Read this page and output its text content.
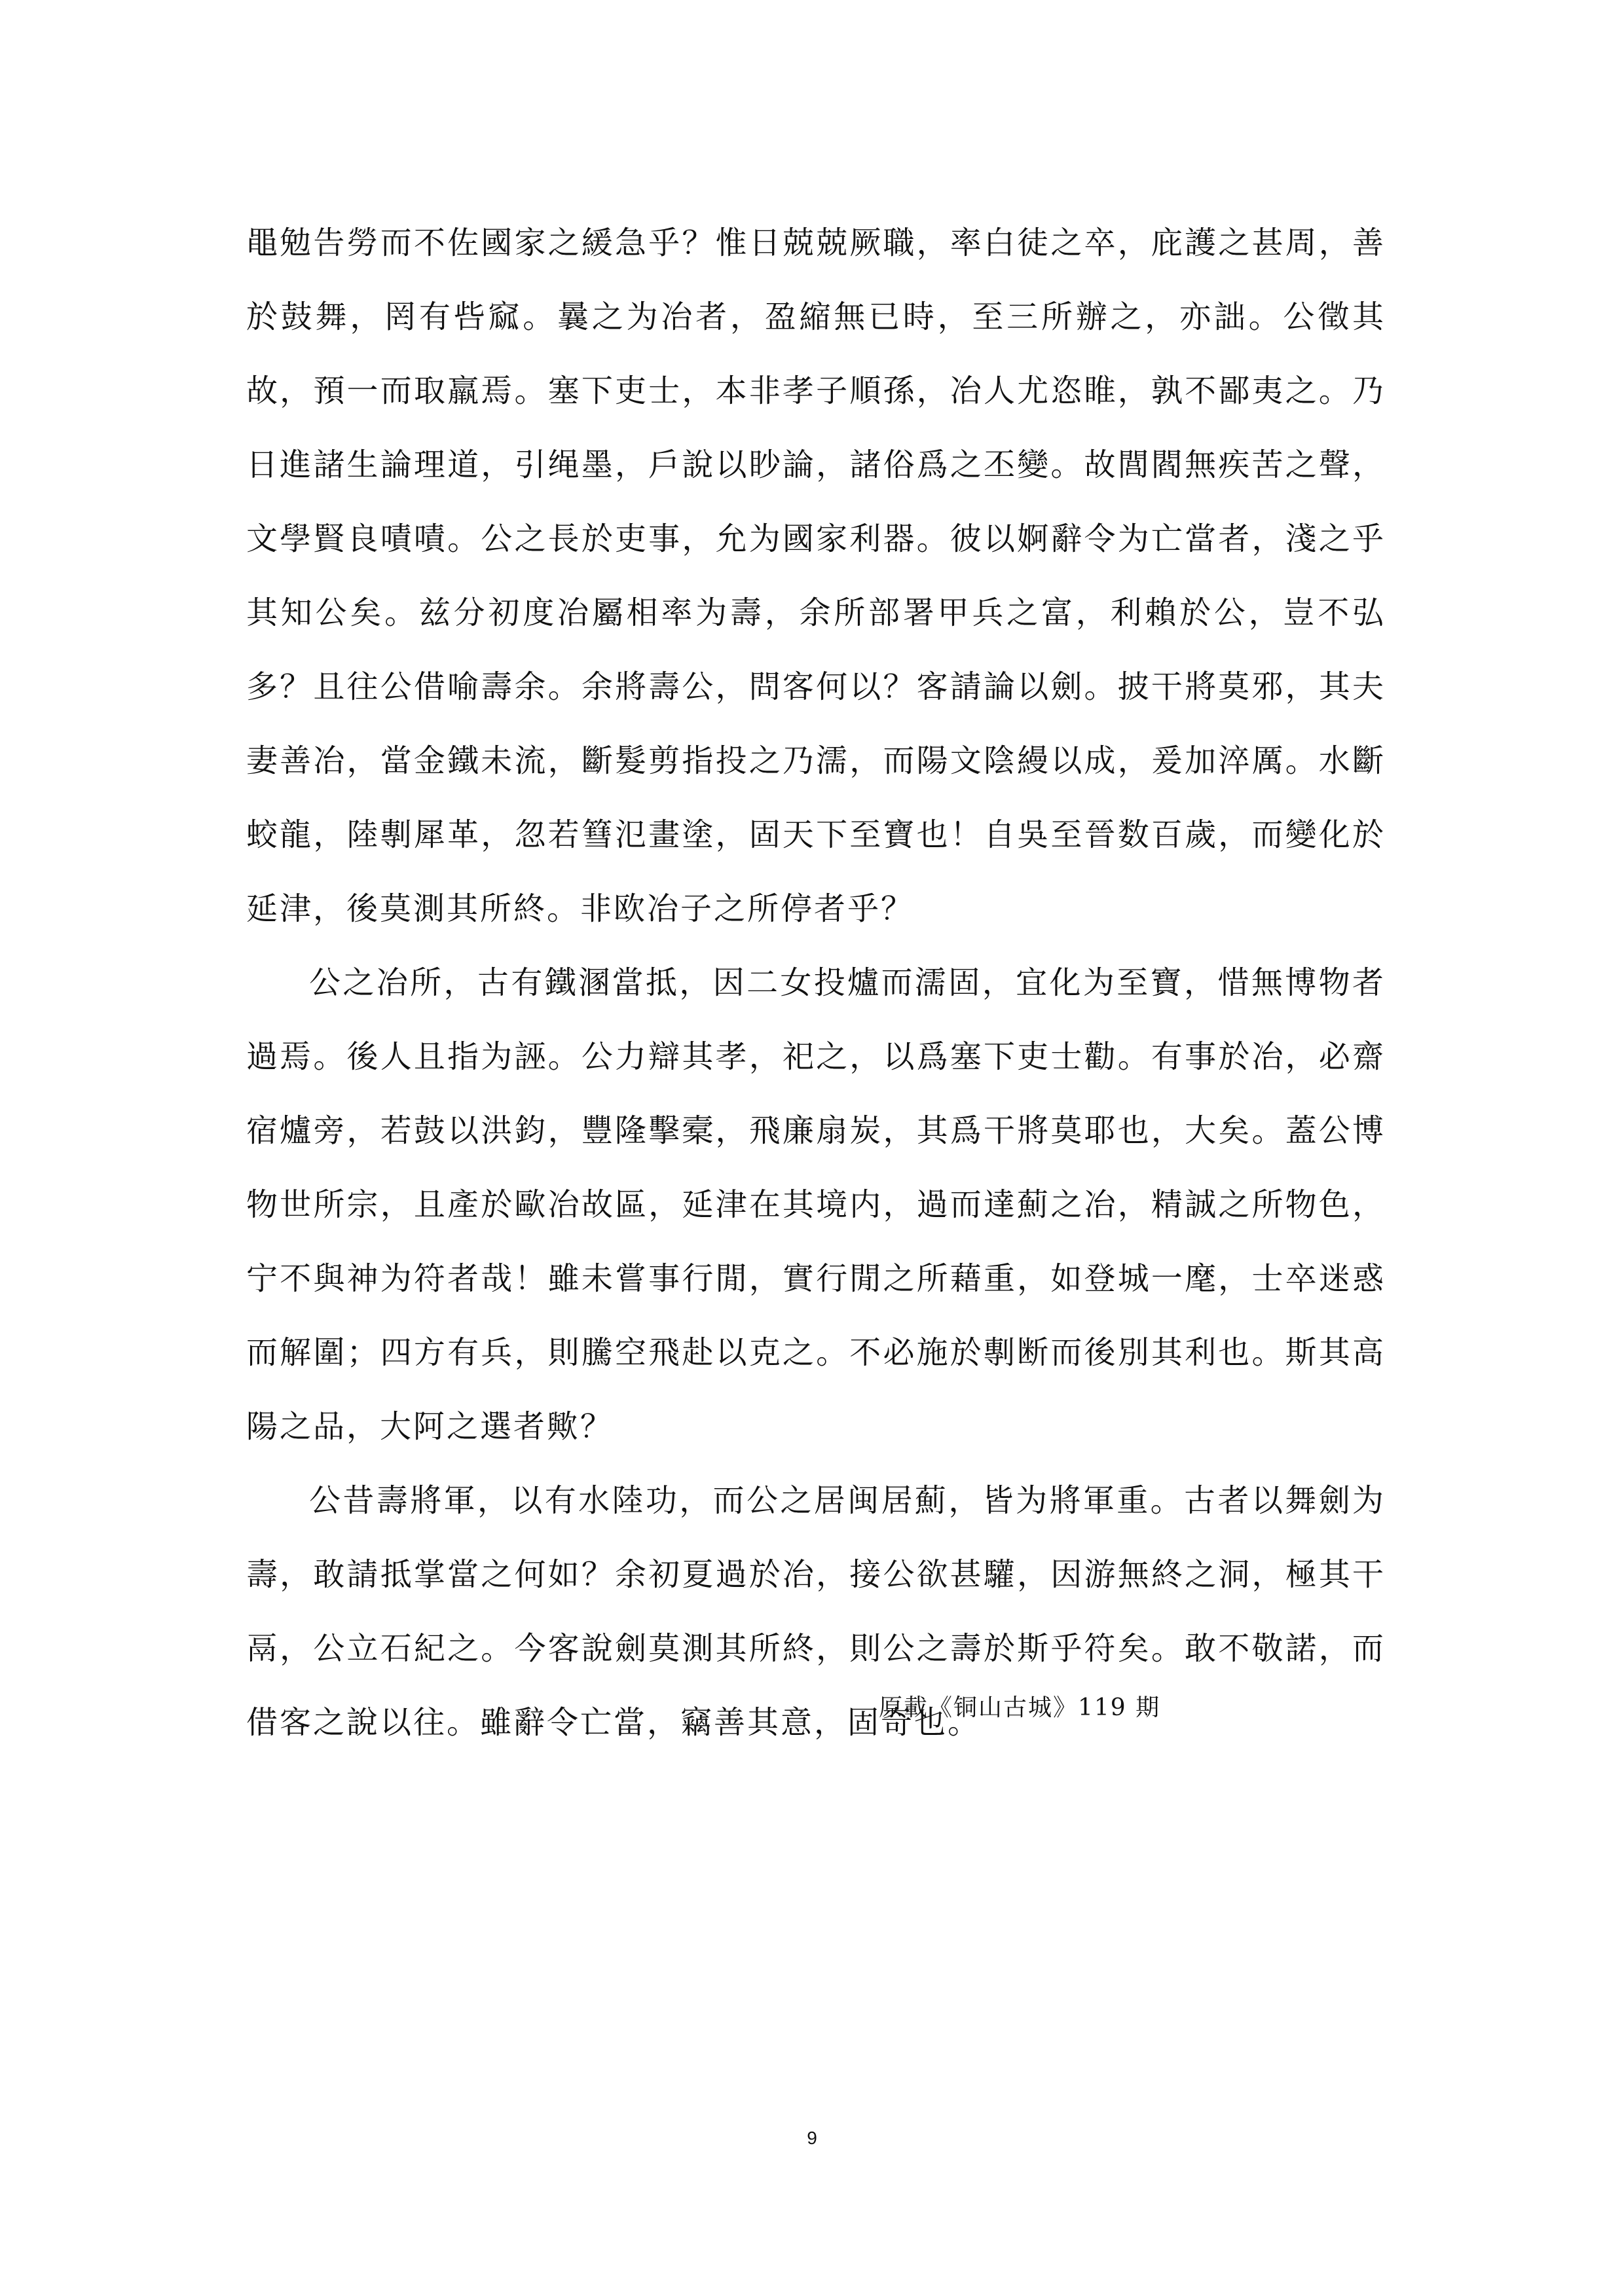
黽勉告勞而不佐國家之緩急乎？惟日兢兢厥職，率白徒之卒，庇護之甚周，善於鼓舞，罔有呰窳。曩之为冶者，盈縮無已時，至三所辦之，亦詘。公徵其故，預一而取羸焉。塞下吏士，本非孝子順孫，冶人尤恣睢，孰不鄙夷之。乃日進諸生論理道，引绳墨，戶說以眇論，諸俗爲之丕變。故閭閻無疾苦之聲，文學賢良嘖嘖。公之長於吏事，允为國家利器。彼以婀辭令为亡當者，淺之乎其知公矣。兹分初度冶屬相率为壽，余所部署甲兵之富，利賴於公，豈不弘多？且往公借喻壽余。余將壽公，問客何以？客請論以劍。披干將莫邪，其夫妻善冶，當金鐵未流，斷髮剪指投之乃濡，而陽文陰縵以成，爰加淬厲。水斷蛟龍，陸剸犀革，忽若篲氾畫塗，固天下至寶也！自吳至晉数百歲，而變化於延津，後莫測其所終。非欧冶子之所停者乎？

公之冶所，古有鐵溷當抵，因二女投爐而濡固，宜化为至寶，惜無博物者過焉。後人且指为誣。公力辯其孝，祀之，以爲塞下吏士勸。有事於冶，必齋宿爐旁，若鼓以洪鈞，豐隆擊槖，飛廉扇炭，其爲干將莫耶也，大矣。蓋公博物世所宗，且產於歐冶故區，延津在其境内，過而達薊之冶，精誠之所物色，宁不與神为符者哉！雖未嘗事行閒，實行閒之所藉重，如登城一麾，士卒迷惑而解圍；四方有兵，則騰空飛赴以克之。不必施於剸断而後別其利也。斯其高陽之品，大阿之選者歟？

公昔壽將軍，以有水陸功，而公之居闽居薊，皆为將軍重。古者以舞劍为壽，敢請抵掌當之何如？余初夏過於冶，接公欲甚驩，因游無終之洞，極其干鬲，公立石紀之。今客說劍莫測其所終，則公之壽於斯乎符矣。敢不敬諾，而借客之說以往。雖辭令亡當，竊善其意，固奇也。

原載《铜山古城》119 期
9
